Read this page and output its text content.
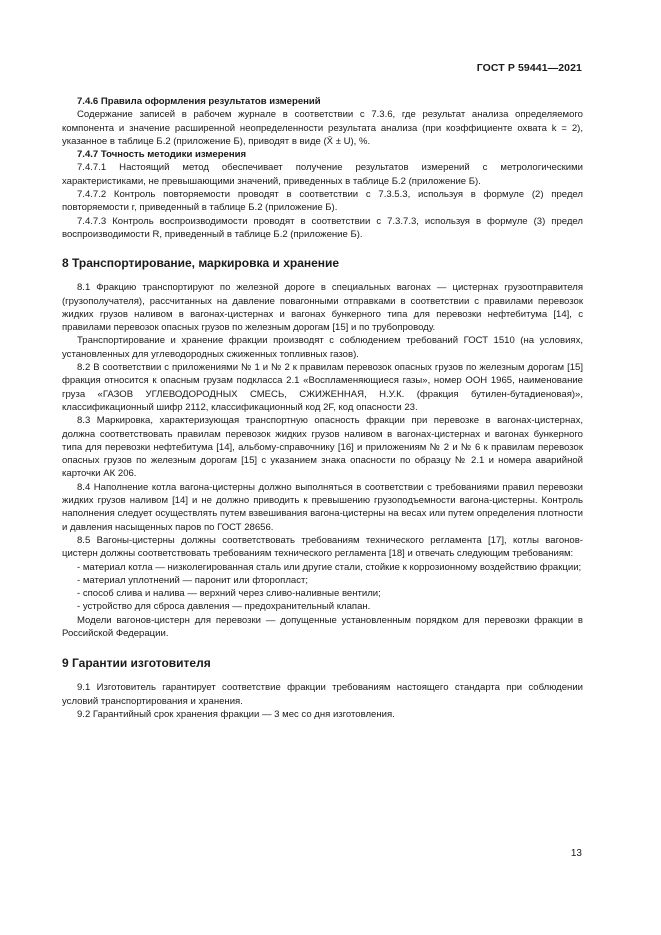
ГОСТ Р 59441—2021

7.4.6 Правила оформления результатов измерений

Содержание записей в рабочем журнале в соответствии с 7.3.6, где результат анализа определяемого компонента и значение расширенной неопределенности результата анализа (при коэффициенте охвата k = 2), указанное в таблице Б.2 (приложение Б), приводят в виде (X̄ ± U), %.

7.4.7 Точность методики измерения

7.4.7.1 Настоящий метод обеспечивает получение результатов измерений с метрологическими характеристиками, не превышающими значений, приведенных в таблице Б.2 (приложение Б).

7.4.7.2 Контроль повторяемости проводят в соответствии с 7.3.5.3, используя в формуле (2) предел повторяемости r, приведенный в таблице Б.2 (приложение Б).

7.4.7.3 Контроль воспроизводимости проводят в соответствии с 7.3.7.3, используя в формуле (3) предел воспроизводимости R, приведенный в таблице Б.2 (приложение Б).

8 Транспортирование, маркировка и хранение

8.1 Фракцию транспортируют по железной дороге в специальных вагонах — цистернах грузоотправителя (грузополучателя), рассчитанных на давление повагонными отправками в соответствии с правилами перевозок жидких грузов наливом в вагонах-цистернах и вагонах бункерного типа для перевозки нефтебитума [14], с правилами перевозок опасных грузов по железным дорогам [15] и по трубопроводу.

Транспортирование и хранение фракции производят с соблюдением требований ГОСТ 1510 (на условиях, установленных для углеводородных сжиженных топливных газов).

8.2 В соответствии с приложениями № 1 и № 2 к правилам перевозок опасных грузов по железным дорогам [15] фракция относится к опасным грузам подкласса 2.1 «Воспламеняющиеся газы», номер ООН 1965, наименование груза «ГАЗОВ УГЛЕВОДОРОДНЫХ СМЕСЬ, СЖИЖЕННАЯ, Н.У.К. (фракция бутилен-бутадиеновая)», классификационный шифр 2112, классификационный код 2F, код опасности 23.

8.3 Маркировка, характеризующая транспортную опасность фракции при перевозке в вагонах-цистернах, должна соответствовать правилам перевозок жидких грузов наливом в вагонах-цистернах и вагонах бункерного типа для перевозки нефтебитума [14], альбому-справочнику [16] и приложениям № 2 и № 6 к правилам перевозок опасных грузов по железным дорогам [15] с указанием знака опасности по образцу № 2.1 и номера аварийной карточки АК 206.

8.4 Наполнение котла вагона-цистерны должно выполняться в соответствии с требованиями правил перевозки жидких грузов наливом [14] и не должно приводить к превышению грузоподъемности вагона-цистерны. Контроль наполнения следует осуществлять путем взвешивания вагона-цистерны на весах или путем определения плотности и давления насыщенных паров по ГОСТ 28656.

8.5 Вагоны-цистерны должны соответствовать требованиям технического регламента [17], котлы вагонов-цистерн должны соответствовать требованиям технического регламента [18] и отвечать следующим требованиям:

- материал котла — низколегированная сталь или другие стали, стойкие к коррозионному воздействию фракции;

- материал уплотнений — паронит или фторопласт;

- способ слива и налива — верхний через сливо-наливные вентили;

- устройство для сброса давления — предохранительный клапан.

Модели вагонов-цистерн для перевозки — допущенные установленным порядком для перевозки фракции в Российской Федерации.

9 Гарантии изготовителя

9.1 Изготовитель гарантирует соответствие фракции требованиям настоящего стандарта при соблюдении условий транспортирования и хранения.

9.2 Гарантийный срок хранения фракции — 3 мес со дня изготовления.

13
